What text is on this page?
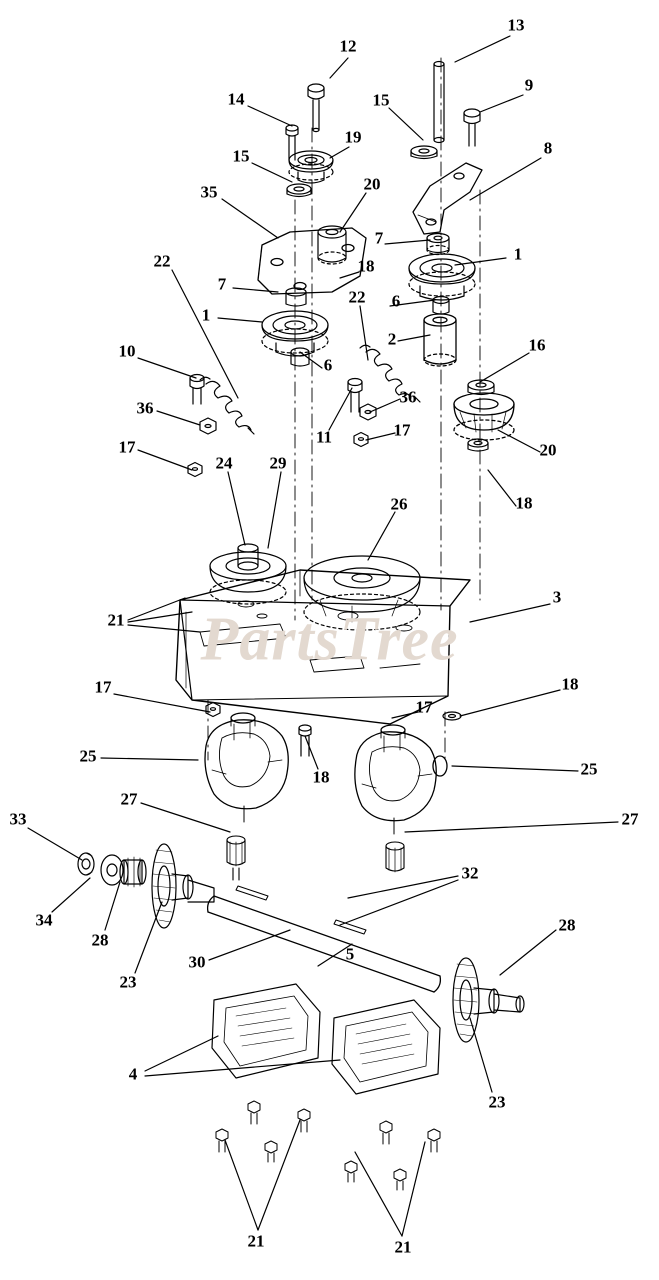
PartsTree
13
12
9
14	15
19
15	8
35	20
7
1
22	18
7
22 6
1
2
10
6
16
36
36
11
17
17
20
24 29
18
26
3
21
17
17
18
25
25
18
27
27
33
34
28
23
30
32
5
28
23
4
21	21
